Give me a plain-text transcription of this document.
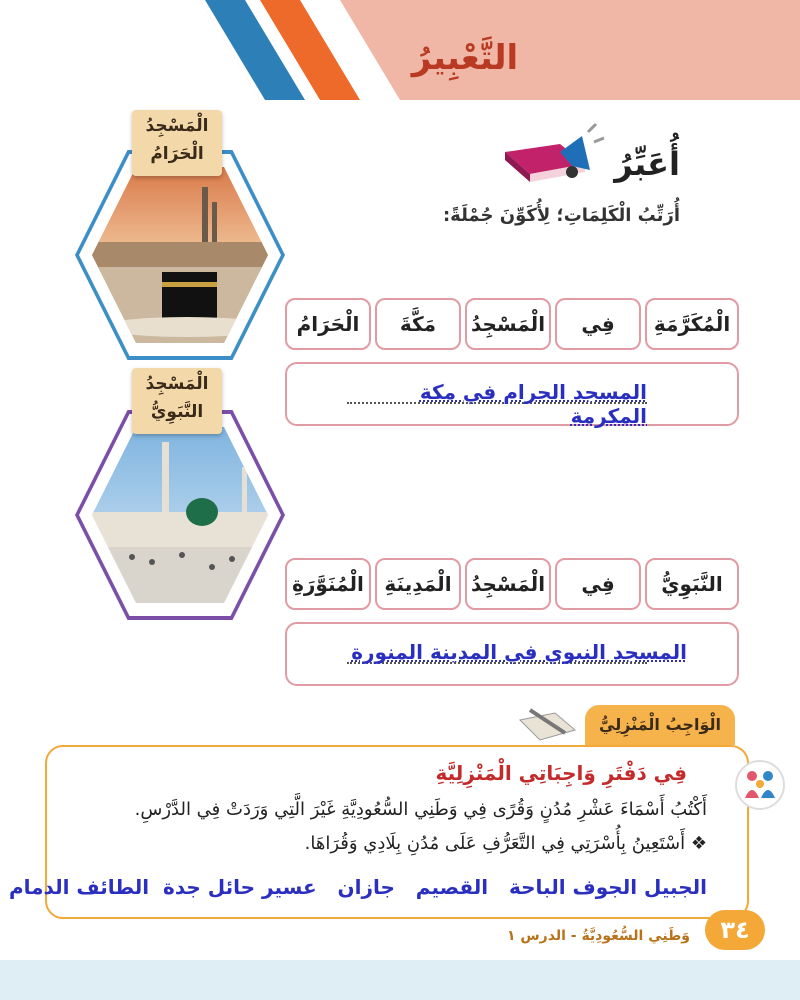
التَّعْبِيرُ
أُعَبِّرُ
أُرَتِّبُ الْكَلِمَاتِ؛ لِأُكَوِّنَ جُمْلَةً:
الْمَسْجِدُ
الْحَرَامُ
الْمَسْجِدُ
النَّبَوِيُّ
الْمُكَرَّمَةِ
فِي
الْمَسْجِدُ
مَكَّةَ
الْحَرَامُ
المسجد الحرام في مكة المكرمة
النَّبَوِيُّ
فِي
الْمَسْجِدُ
الْمَدِينَةِ
الْمُنَوَّرَةِ
المسجد النبوي في المدينة المنورة
الْوَاجِبُ الْمَنْزِلِيُّ
فِي دَفْتَرِ وَاجِبَاتِي الْمَنْزِلِيَّةِ
أَكْتُبُ أَسْمَاءَ عَشْرِ مُدُنٍ وَقُرًى فِي وَطَنِي السُّعُودِيَّةِ غَيْرَ الَّتِي وَرَدَتْ فِي الدَّرْسِ.
❖ أَسْتَعِينُ بِأُسْرَتِي فِي التَّعَرُّفِ عَلَى مُدُنِ بِلَادِي وَقُرَاهَا.
الجبيل الجوف الباحة   القصيم   جازان   عسير حائل جدة  الطائف الدمام
٣٤
وَطَنِي السُّعُودِيَّةُ - الدرس ١
